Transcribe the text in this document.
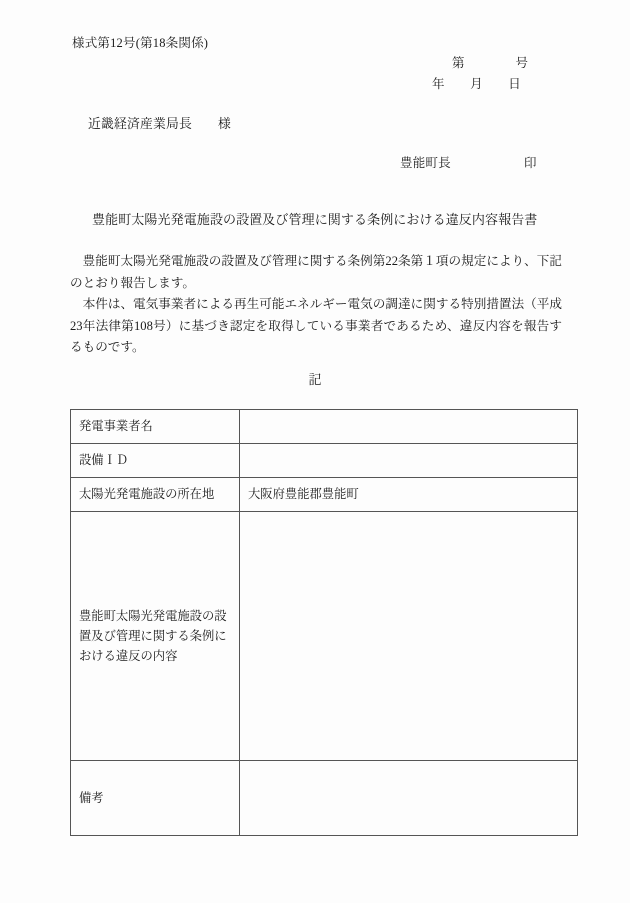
様式第12号(第18条関係)
第　　　　号
年　　月　　日
近畿経済産業局長　　様
豊能町長	印
豊能町太陽光発電施設の設置及び管理に関する条例における違反内容報告書

豊能町太陽光発電施設の設置及び管理に関する条例第22条第１項の規定により、下記のとおり報告します。

本件は、電気事業者による再生可能エネルギー電気の調達に関する特別措置法（平成23年法律第108号）に基づき認定を取得している事業者であるため、違反内容を報告するものです。

記
発電事業者名	
設備ＩＤ	
太陽光発電施設の所在地	大阪府豊能郡豊能町

豊能町太陽光発電施設の設置及び管理に関する条例における違反の内容	

備考	
